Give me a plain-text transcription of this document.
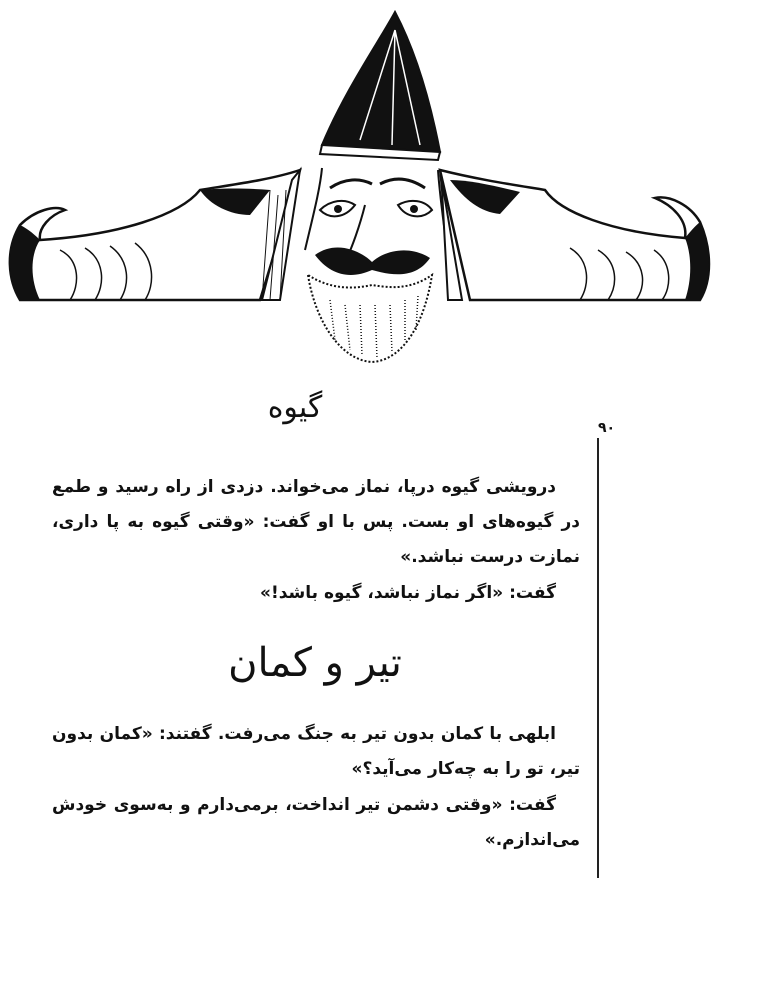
۹۰
گیوه

درویشی گیوه درپا، نماز می‌خواند. دزدی از راه رسید و طمع در گیوه‌های او بست. پس با او گفت: «وقتی گیوه به پا داری، نمازت درست نباشد.»

گفت: «اگر نماز نباشد، گیوه باشد!»

تیر و کمان

ابلهی با کمان بدون تیر به جنگ می‌رفت. گفتند: «کمان بدون تیر، تو را به چه‌کار می‌آید؟»

گفت: «وقتی دشمن تیر انداخت، برمی‌دارم و به‌سوی خودش می‌اندازم.»
